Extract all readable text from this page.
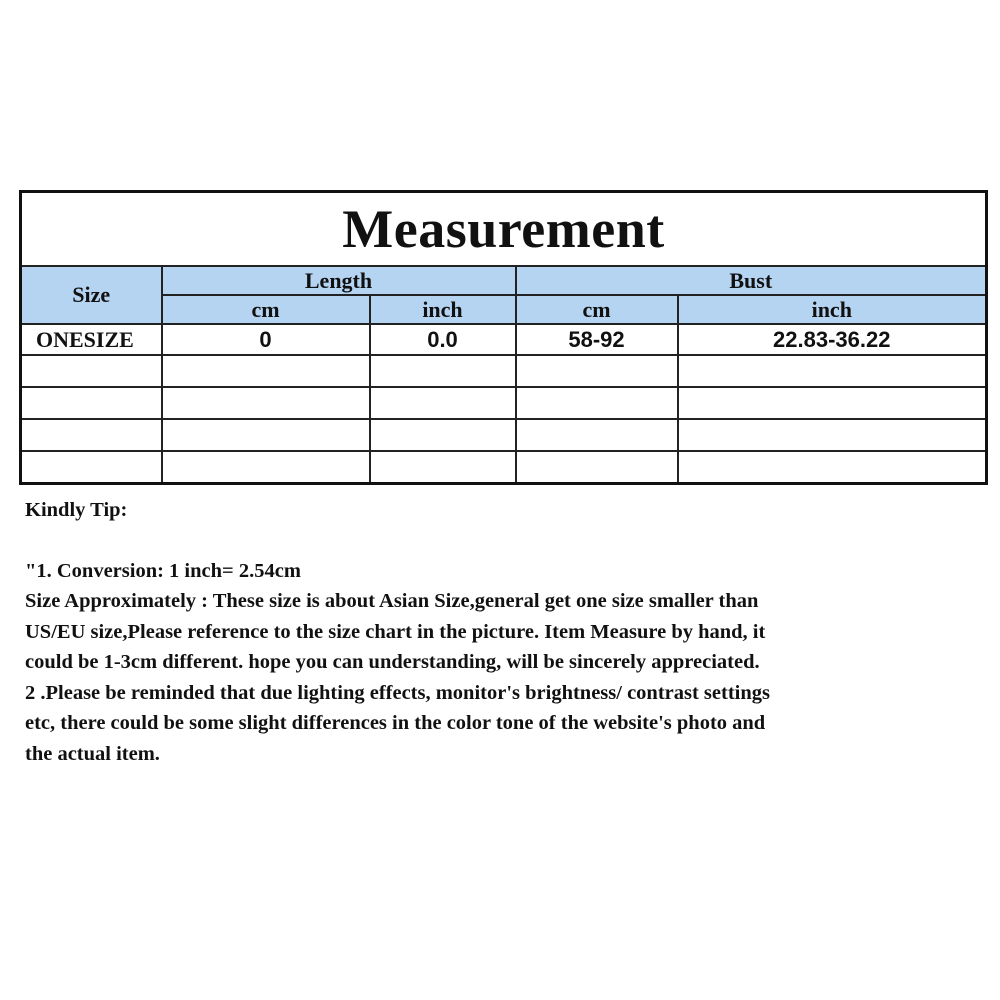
Measurement				
Size	Length		Bust	
	cm	inch	cm	inch
ONESIZE	0	0.0	58-92	22.83-36.22

Kindly Tip:

"1. Conversion: 1 inch= 2.54cm

Size Approximately : These size is about Asian Size,general get one size smaller than

US/EU size,Please reference to the size chart in the picture. Item Measure by hand, it

could be 1-3cm different. hope you can understanding, will be sincerely appreciated.

2 .Please be reminded that due lighting effects, monitor's brightness/ contrast settings

etc, there could be some slight differences in the color tone of the website's photo and

the actual item.
